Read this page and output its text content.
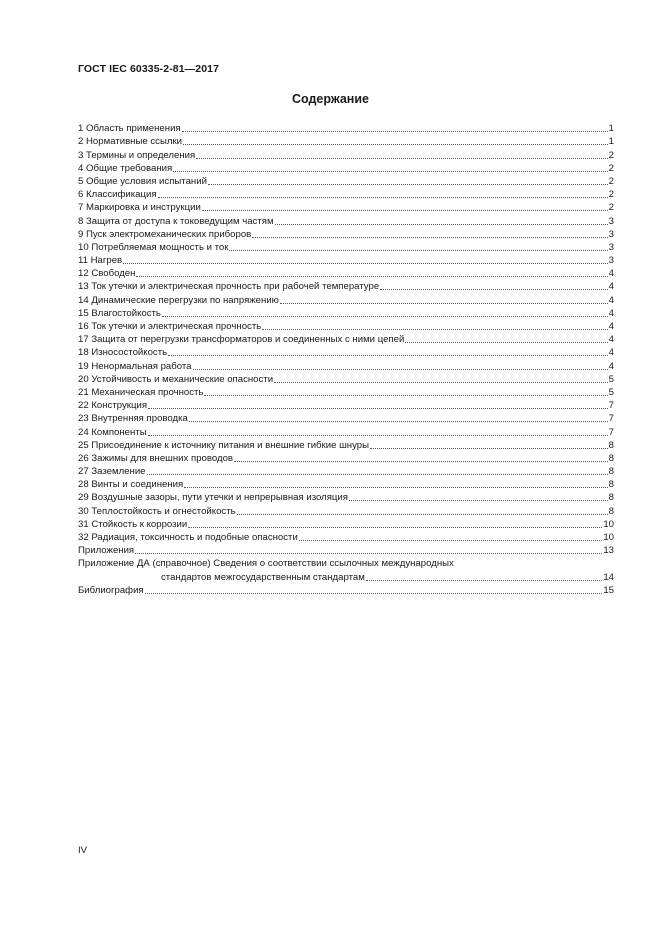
ГОСТ IEC 60335-2-81—2017
Содержание
1 Область применения	1
2 Нормативные ссылки	1
3 Термины и определения	2
4 Общие требования	2
5 Общие условия испытаний	2
6 Классификация	2
7 Маркировка и инструкции	2
8 Защита от доступа к токоведущим частям	3
9 Пуск электромеханических приборов	3
10 Потребляемая мощность и ток	3
11 Нагрев	3
12 Свободен	4
13 Ток утечки и электрическая прочность при рабочей температуре	4
14 Динамические перегрузки по напряжению	4
15 Влагостойкость	4
16 Ток утечки и электрическая прочность	4
17 Защита от перегрузки трансформаторов и соединенных с ними цепей	4
18 Износостойкость	4
19 Ненормальная работа	4
20 Устойчивость и механические опасности	5
21 Механическая прочность	5
22 Конструкция	7
23 Внутренняя проводка	7
24 Компоненты	7
25 Присоединение к источнику питания и внешние гибкие шнуры	8
26 Зажимы для внешних проводов	8
27 Заземление	8
28 Винты и соединения	8
29 Воздушные зазоры, пути утечки и непрерывная изоляция	8
30 Теплостойкость и огнестойкость	8
31 Стойкость к коррозии	10
32 Радиация, токсичность и подобные опасности	10
Приложения	13
Приложение ДА (справочное) Сведения о соответствии ссылочных международных
стандартов межгосударственным стандартам	14
Библиография	15
IV
